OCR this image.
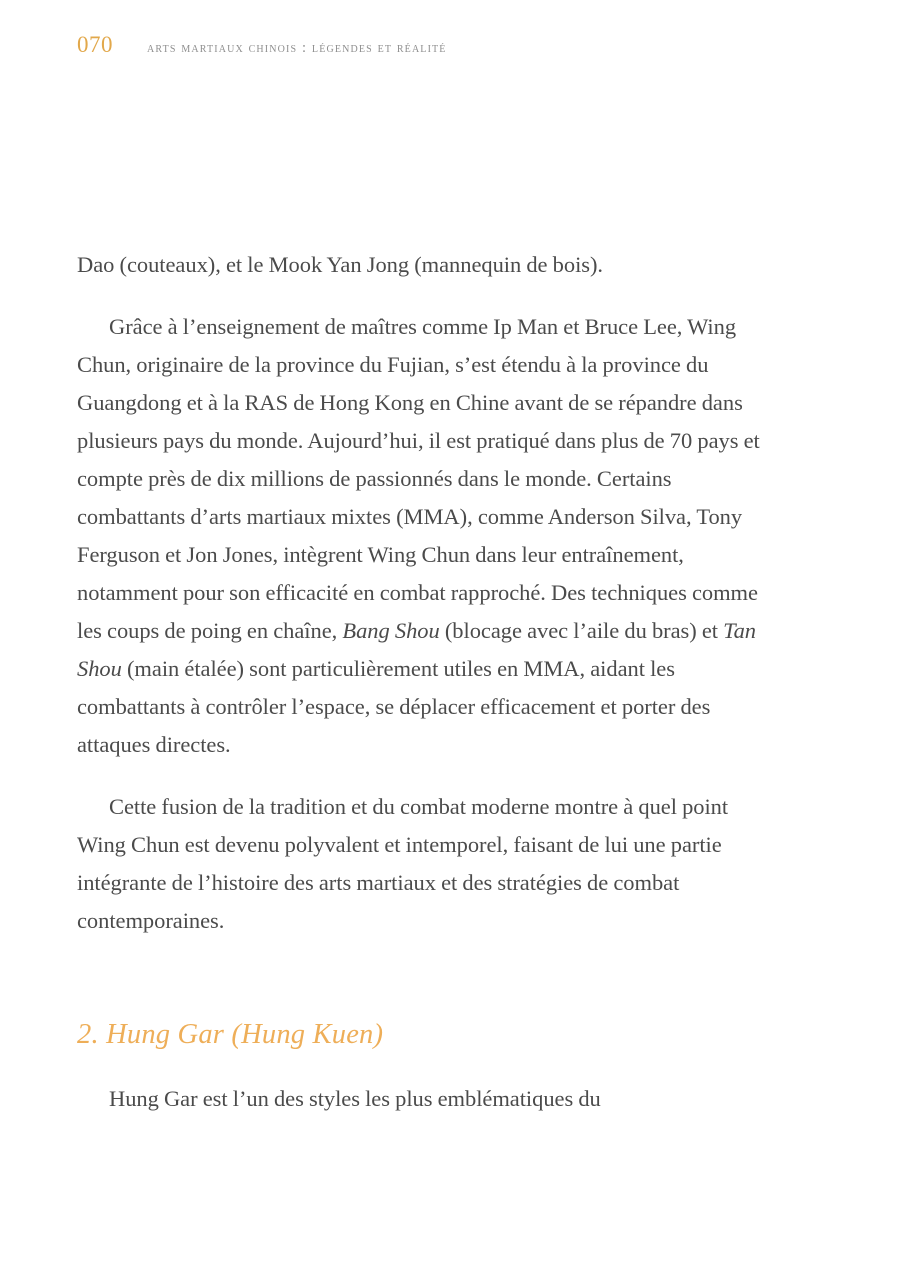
070	arts martiaux chinois : légendes et réalité

Dao (couteaux), et le Mook Yan Jong (mannequin de bois).

Grâce à l’enseignement de maîtres comme Ip Man et Bruce Lee, Wing Chun, originaire de la province du Fujian, s’est étendu à la province du Guangdong et à la RAS de Hong Kong en Chine avant de se répandre dans plusieurs pays du monde. Aujourd’hui, il est pratiqué dans plus de 70 pays et compte près de dix millions de passionnés dans le monde. Certains combattants d’arts martiaux mixtes (MMA), comme Anderson Silva, Tony Ferguson et Jon Jones, intègrent Wing Chun dans leur entraînement, notamment pour son efficacité en combat rapproché. Des techniques comme les coups de poing en chaîne, Bang Shou (blocage avec l’aile du bras) et Tan Shou (main étalée) sont particulièrement utiles en MMA, aidant les combattants à contrôler l’espace, se déplacer efficacement et porter des attaques directes.

Cette fusion de la tradition et du combat moderne montre à quel point Wing Chun est devenu polyvalent et intemporel, faisant de lui une partie intégrante de l’histoire des arts martiaux et des stratégies de combat contemporaines.

2. Hung Gar (Hung Kuen)

Hung Gar est l’un des styles les plus emblématiques du
